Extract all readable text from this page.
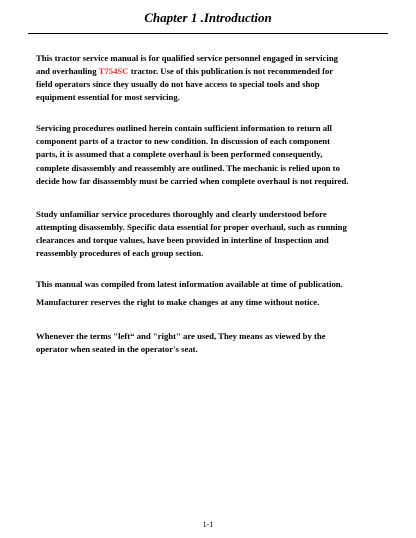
Chapter 1 .Introduction

This tractor service manual is for qualified service personnel engaged in servicing
and overhauling T754SC tractor. Use of this publication is not recommended for
field operators since they usually do not have access to special tools and shop
equipment essential for most servicing.

Servicing procedures outlined herein contain sufficient information to return all
component parts of a tractor to new condition. In discussion of each component
parts, it is assumed that a complete overhaul is been performed consequently,

complete disassembly and reassembly are outlined. The mechanic is relied upon to
decide how far disassembly must be carried when complete overhaul is not required.

Study unfamiliar service procedures thoroughly and clearly understood before
attempting disassembly. Specific data essential for proper overhaul, such as running
clearances and torque values, have been provided in interline of Inspection and
reassembly procedures of each group section.

This manual was compiled from latest information available at time of publication.

Manufacturer reserves the right to make changes at any time without notice.

Whenever the terms "left“ and "right" are used, They means as viewed by the
operator when seated in the operator's seat.

1-1
